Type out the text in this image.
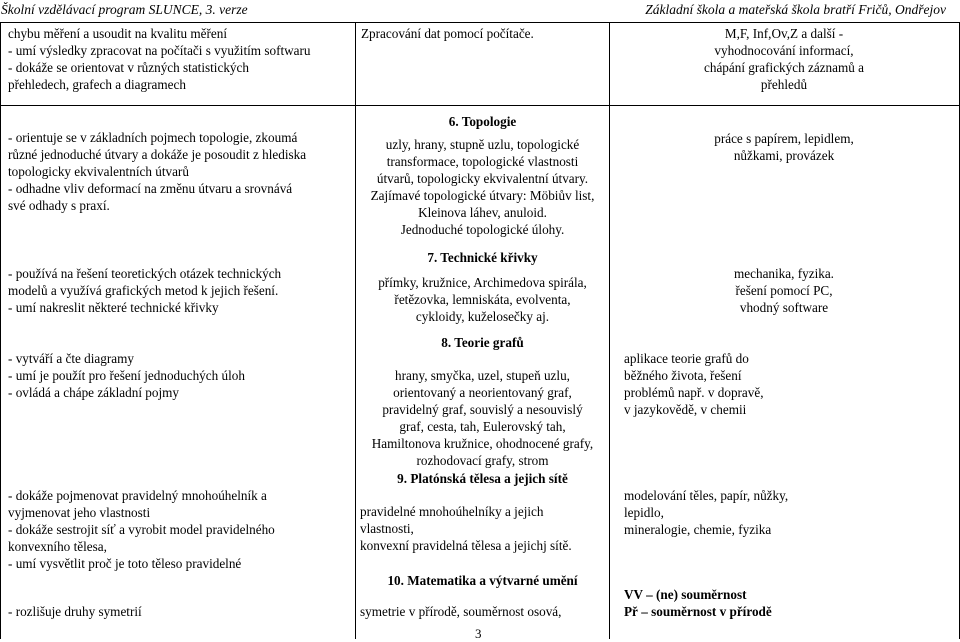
Školní vzdělávací program SLUNCE, 3. verze	Základní škola a mateřská škola bratří Fričů, Ondřejov
chybu měření a usoudit na kvalitu měření
- umí výsledky zpracovat na počítači s využitím softwaru
- dokáže se orientovat v různých statistických
přehledech, grafech a diagramech
Zpracování dat pomocí počítače.	M,F, Inf,Ov,Z a další -
vyhodnocování informací,
chápání grafických záznamů a
přehledů
- orientuje se v základních pojmech topologie, zkoumá
různé jednoduché útvary a dokáže je posoudit z hlediska
topologicky ekvivalentních útvarů
- odhadne vliv deformací na změnu útvaru a srovnává
své odhady s praxí.
- používá na řešení teoretických otázek technických
modelů a využívá grafických metod k jejich řešení.
- umí nakreslit některé technické křivky
- vytváří a čte diagramy
- umí je použít pro řešení jednoduchých úloh
- ovládá a chápe základní pojmy
- dokáže pojmenovat pravidelný mnohoúhelník a
vyjmenovat jeho vlastnosti
- dokáže sestrojit síť a vyrobit model pravidelného
konvexního tělesa,
- umí vysvětlit proč je toto těleso pravidelné
- rozlišuje druhy symetrií
6. Topologie
uzly, hrany, stupně uzlu, topologické
transformace, topologické vlastnosti
útvarů, topologicky ekvivalentní útvary.
Zajímavé topologické útvary: Möbiův list,
Kleinova láhev, anuloid.
Jednoduché topologické úlohy.
7. Technické křivky
přímky, kružnice, Archimedova spirála,
řetězovka, lemniskáta, evolventa,
cykloidy, kuželosečky aj.
8. Teorie grafů
hrany, smyčka, uzel, stupeň uzlu,
orientovaný a neorientovaný graf,
pravidelný graf, souvislý a nesouvislý
graf, cesta, tah, Eulerovský tah,
Hamiltonova kružnice, ohodnocené grafy,
rozhodovací grafy, strom
9. Platónská tělesa a jejich sítě
pravidelné mnohoúhelníky a jejich
vlastnosti,
konvexní pravidelná tělesa a jejichj sítě.
10. Matematika a výtvarné umění
symetrie v přírodě, souměrnost osová,
práce s papírem, lepidlem,
nůžkami, provázek
mechanika, fyzika.
řešení pomocí PC,
vhodný software
aplikace teorie grafů do
běžného života, řešení
problémů např. v dopravě,
v jazykovědě, v chemii
modelování těles, papír, nůžky,
lepidlo,
mineralogie, chemie, fyzika
VV – (ne) souměrnost
Př – souměrnost v přírodě
3
